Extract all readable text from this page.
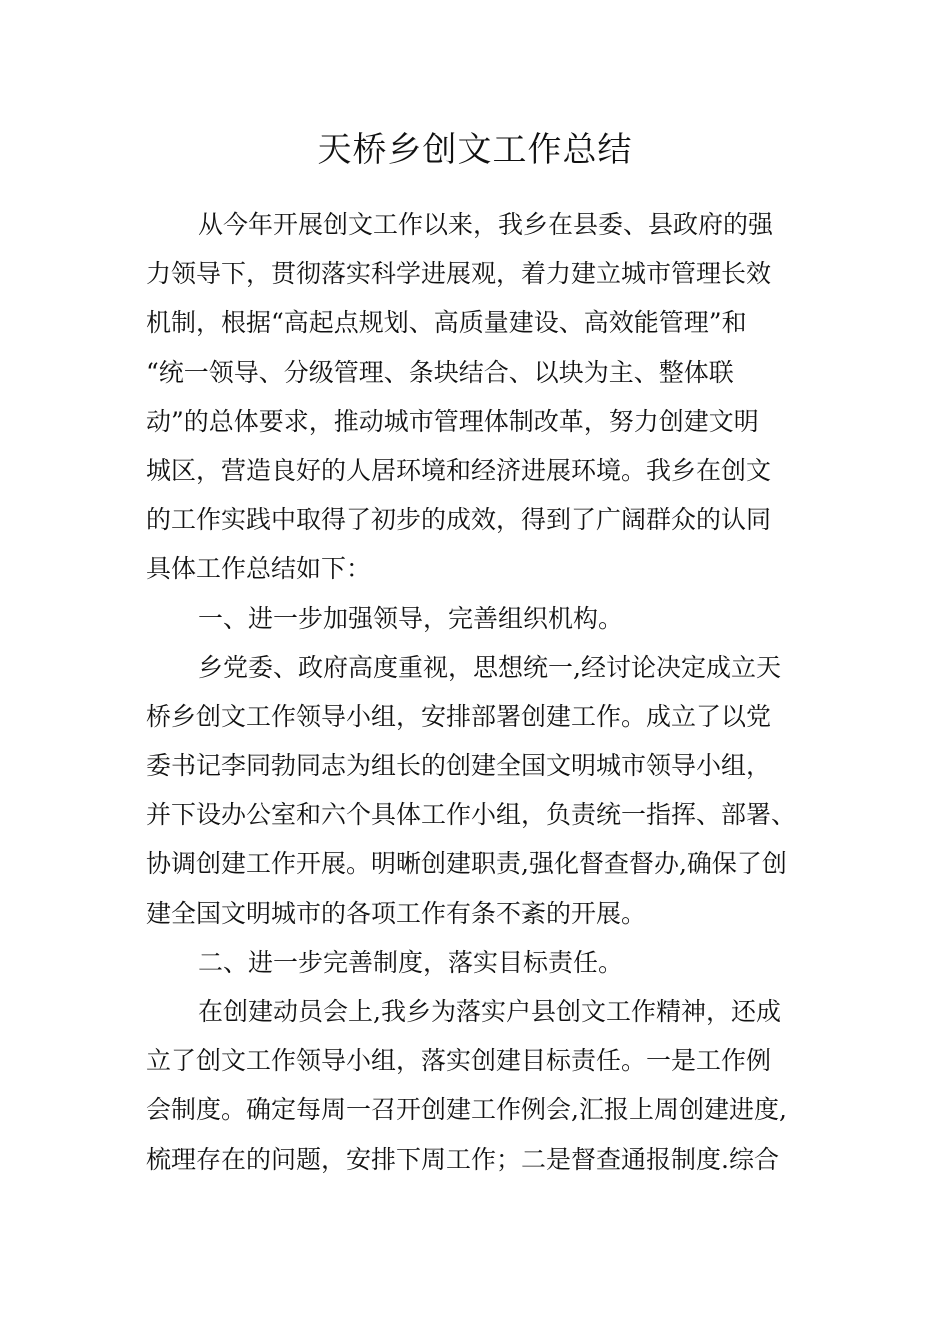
天桥乡创文工作总结
从今年开展创文工作以来，我乡在县委、县政府的强
力领导下，贯彻落实科学进展观，着力建立城市管理长效
机制，根据“高起点规划、高质量建设、高效能管理”和
“统一领导、分级管理、条块结合、以块为主、整体联
动”的总体要求，推动城市管理体制改革，努力创建文明
城区，营造良好的人居环境和经济进展环境。我乡在创文
的工作实践中取得了初步的成效，得到了广阔群众的认同
具体工作总结如下：
一、进一步加强领导，完善组织机构。
乡党委、政府高度重视，思想统一,经讨论决定成立天
桥乡创文工作领导小组，安排部署创建工作。成立了以党
委书记李同勃同志为组长的创建全国文明城市领导小组，
并下设办公室和六个具体工作小组，负责统一指挥、部署、
协调创建工作开展。明晰创建职责,强化督查督办,确保了创
建全国文明城市的各项工作有条不紊的开展。
二、进一步完善制度，落实目标责任。
在创建动员会上,我乡为落实户县创文工作精神，还成
立了创文工作领导小组，落实创建目标责任。一是工作例
会制度。确定每周一召开创建工作例会,汇报上周创建进度,
梳理存在的问题，安排下周工作；二是督查通报制度.综合
